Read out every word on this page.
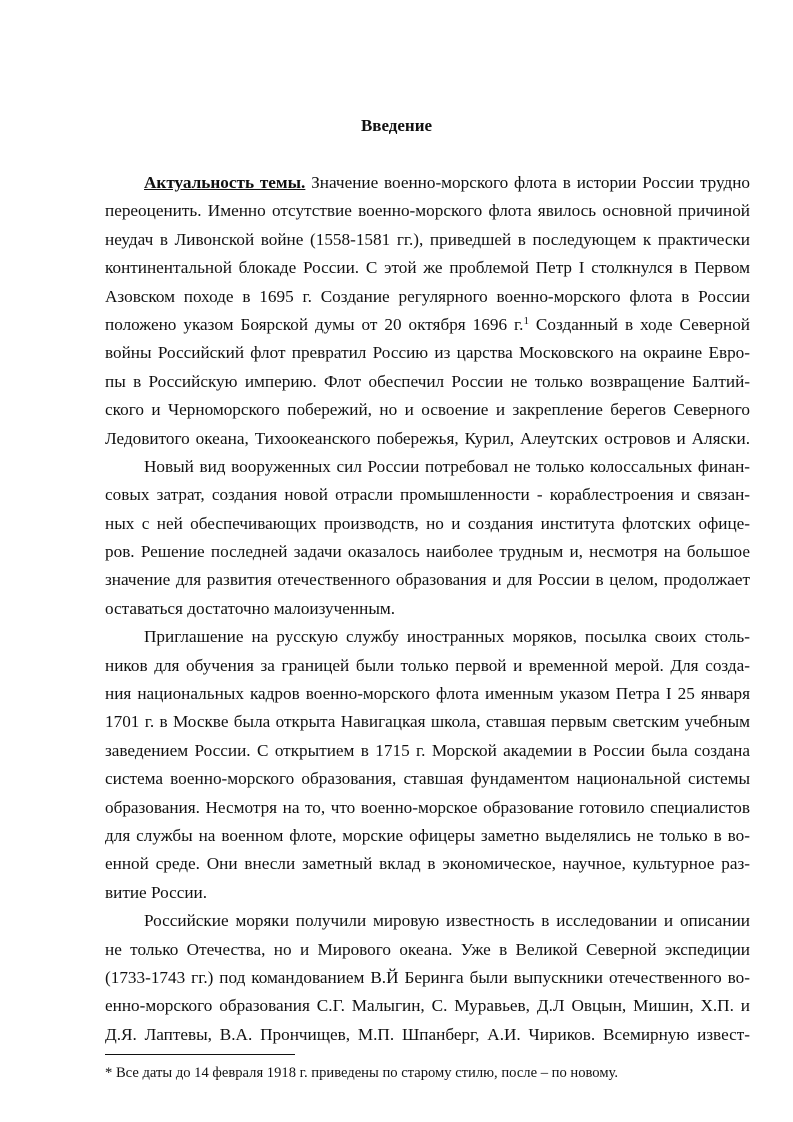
Введение
Актуальность темы. Значение военно-морского флота в истории России трудно
переоценить. Именно отсутствие военно-морского флота явилось основной причиной
неудач в Ливонской войне (1558-1581 гг.), приведшей в последующем к практически
континентальной блокаде России. С этой же проблемой Петр I столкнулся в Первом
Азовском походе в 1695 г. Создание регулярного военно-морского флота в России
положено указом Боярской думы от 20 октября 1696 г.$^1$ Созданный в ходе Северной
войны Российский флот превратил Россию из царства Московского на окраине Евро-
пы в Российскую империю. Флот обеспечил России не только возвращение Балтий-
ского и Черноморского побережий, но и освоение и закрепление берегов Северного
Ледовитого океана, Тихоокеанского побережья, Курил, Алеутских островов и Аляски.
Новый вид вооруженных сил России потребовал не только колоссальных финан-
совых затрат, создания новой отрасли промышленности - кораблестроения и связан-
ных с ней обеспечивающих производств, но и создания института флотских офице-
ров. Решение последней задачи оказалось наиболее трудным и, несмотря на большое
значение для развития отечественного образования и для России в целом, продолжает
оставаться достаточно малоизученным.
Приглашение на русскую службу иностранных моряков, посылка своих столь-
ников для обучения за границей были только первой и временной мерой. Для созда-
ния национальных кадров военно-морского флота именным указом Петра I 25 января
1701 г. в Москве была открыта Навигацкая школа, ставшая первым светским учебным
заведением России. С открытием в 1715 г. Морской академии в России была создана
система военно-морского образования, ставшая фундаментом национальной системы
образования. Несмотря на то, что военно-морское образование готовило специалистов
для службы на военном флоте, морские офицеры заметно выделялись не только в во-
енной среде. Они внесли заметный вклад в экономическое, научное, культурное раз-
витие России.
Российские моряки получили мировую известность в исследовании и описании
не только Отечества, но и Мирового океана. Уже в Великой Северной экспедиции
(1733-1743 гг.) под командованием В.Й Беринга были выпускники отечественного во-
енно-морского образования С.Г. Малыгин, С. Муравьев, Д.Л Овцын, Мишин, Х.П. и
Д.Я. Лаптевы, В.А. Прончищев, М.П. Шпанберг, А.И. Чириков. Всемирную извест-
* Все даты до 14 февраля 1918 г. приведены по старому стилю, после – по новому.
